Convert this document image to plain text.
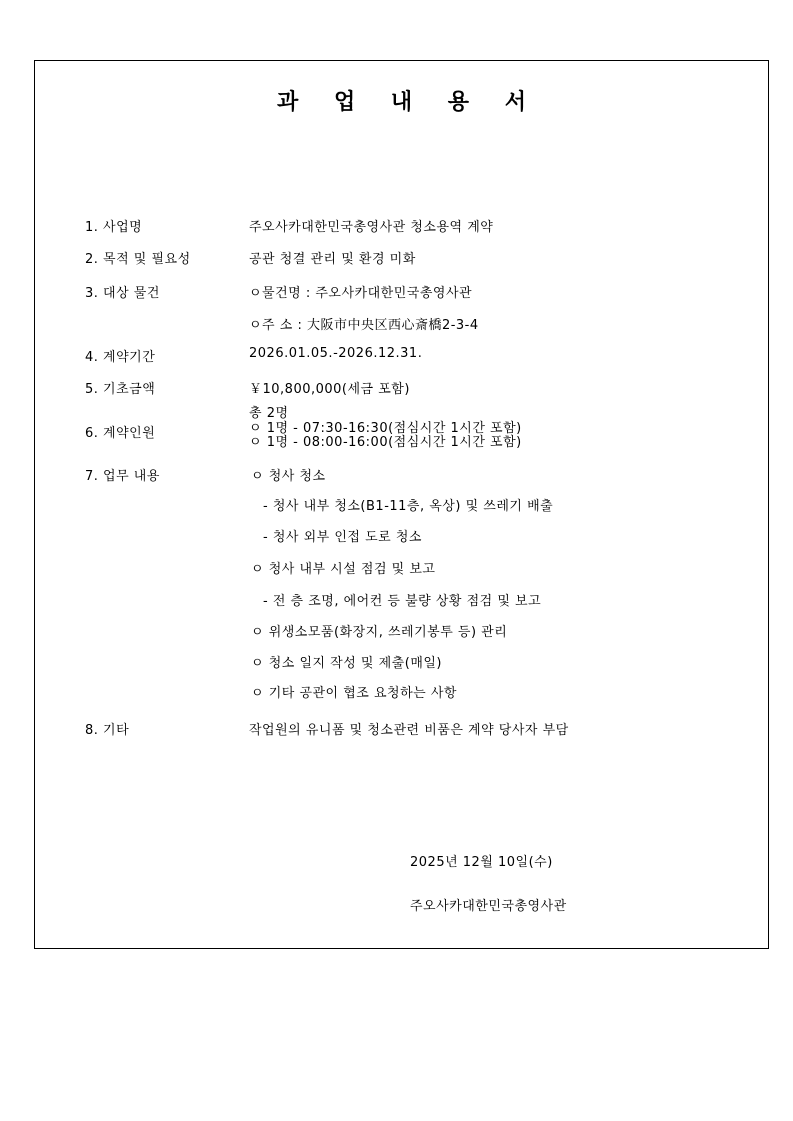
과 업 내 용 서
1. 사업명	주오사카대한민국총영사관 청소용역 계약
2. 목적 및 필요성	공관 청결 관리 및 환경 미화
3. 대상 물건	ㅇ물건명 : 주오사카대한민국총영사관
ㅇ주 소 : 大阪市中央区西心斎橋2-3-4
4. 계약기간	2026.01.05.-2026.12.31.
5. 기초금액	￥10,800,000(세금 포함)
6. 계약인원
총 2명
ㅇ 1명 - 07:30-16:30(점심시간 1시간 포함)
ㅇ 1명 - 08:00-16:00(점심시간 1시간 포함)
7. 업무 내용	ㅇ 청사 청소
- 청사 내부 청소(B1-11층, 옥상) 및 쓰레기 배출
- 청사 외부 인접 도로 청소
ㅇ 청사 내부 시설 점검 및 보고
- 전 층 조명, 에어컨 등 불량 상황 점검 및 보고
ㅇ 위생소모품(화장지, 쓰레기봉투 등) 관리
ㅇ 청소 일지 작성 및 제출(매일)
ㅇ 기타 공관이 협조 요청하는 사항
8. 기타	작업원의 유니폼 및 청소관련 비품은 계약 당사자 부담
2025년 12월 10일(수)
주오사카대한민국총영사관
